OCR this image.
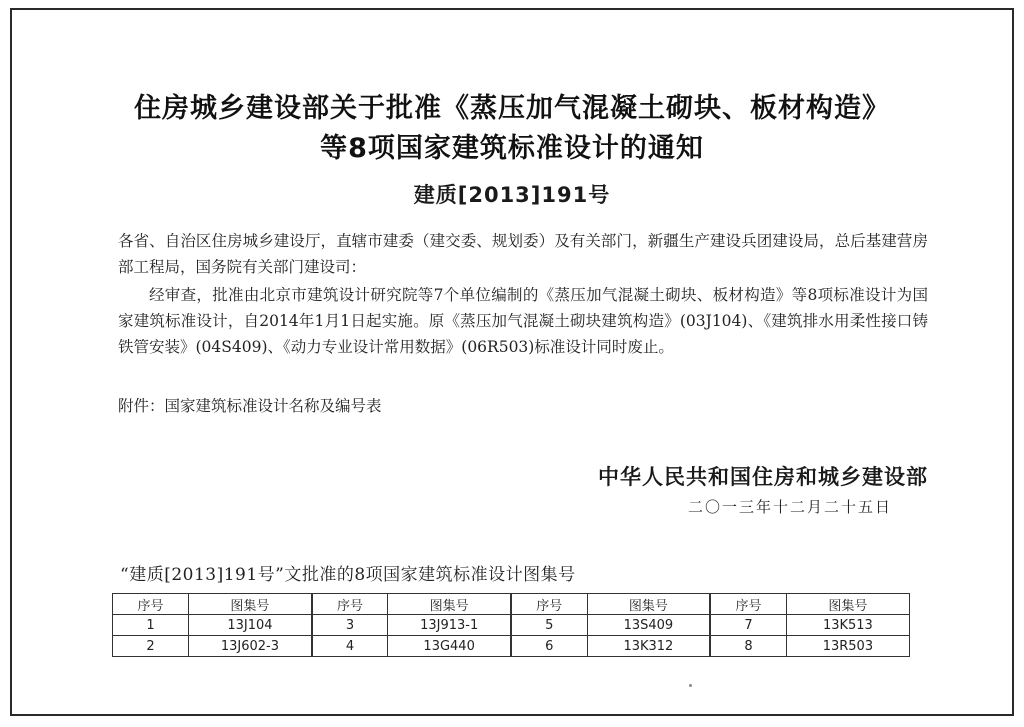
住房城乡建设部关于批准《蒸压加气混凝土砌块、板材构造》
等8项国家建筑标准设计的通知
建质[2013]191号

各省、自治区住房城乡建设厅，直辖市建委（建交委、规划委）及有关部门，新疆生产建设兵团建设局，总后基建营房部工程局，国务院有关部门建设司：

经审查，批准由北京市建筑设计研究院等7个单位编制的《蒸压加气混凝土砌块、板材构造》等8项标准设计为国家建筑标准设计，自2014年1月1日起实施。原《蒸压加气混凝土砌块建筑构造》(03J104)、《建筑排水用柔性接口铸铁管安装》(04S409)、《动力专业设计常用数据》(06R503)标准设计同时废止。

附件：国家建筑标准设计名称及编号表

中华人民共和国住房和城乡建设部
二〇一三年十二月二十五日
“建质[2013]191号”文批准的8项国家建筑标准设计图集号
序号	图集号	序号	图集号	序号	图集号	序号	图集号
1	13J104	3	13J913-1	5	13S409	7	13K513
2	13J602-3	4	13G440	6	13K312	8	13R503
